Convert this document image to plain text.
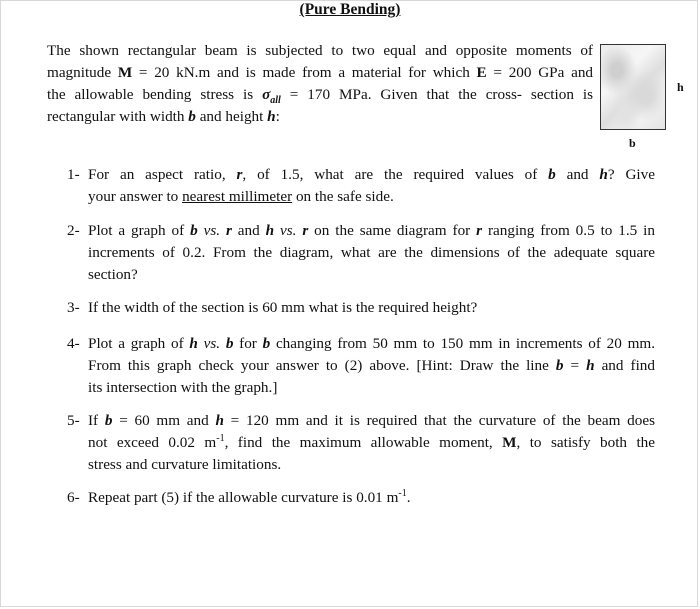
(Pure Bending)
The shown rectangular beam is subjected to two equal and opposite moments of
magnitude M = 20 kN.m and is made from a material for which E = 200 GPa and
the allowable bending stress is $\sigma_{all} = 170$ MPa. Given that the cross- section is
rectangular with width b and height h:
h
b
1- For an aspect ratio, r, of 1.5, what are the required values of b and h? Give
your answer to nearest millimeter on the safe side.
2- Plot a graph of b vs. r and h vs. r on the same diagram for r ranging from 0.5 to 1.5 in
increments of 0.2. From the diagram, what are the dimensions of the adequate square
section?
3- If the width of the section is 60 mm what is the required height?
4- Plot a graph of h vs. b for b changing from 50 mm to 150 mm in increments of 20 mm.
From this graph check your answer to (2) above. [Hint: Draw the line b = h and find
its intersection with the graph.]
5- If b = 60 mm and h = 120 mm and it is required that the curvature of the beam does
not exceed 0.02 $m^{-1}$, find the maximum allowable moment, M, to satisfy both the
stress and curvature limitations.
6- Repeat part (5) if the allowable curvature is 0.01 $m^{-1}$.
